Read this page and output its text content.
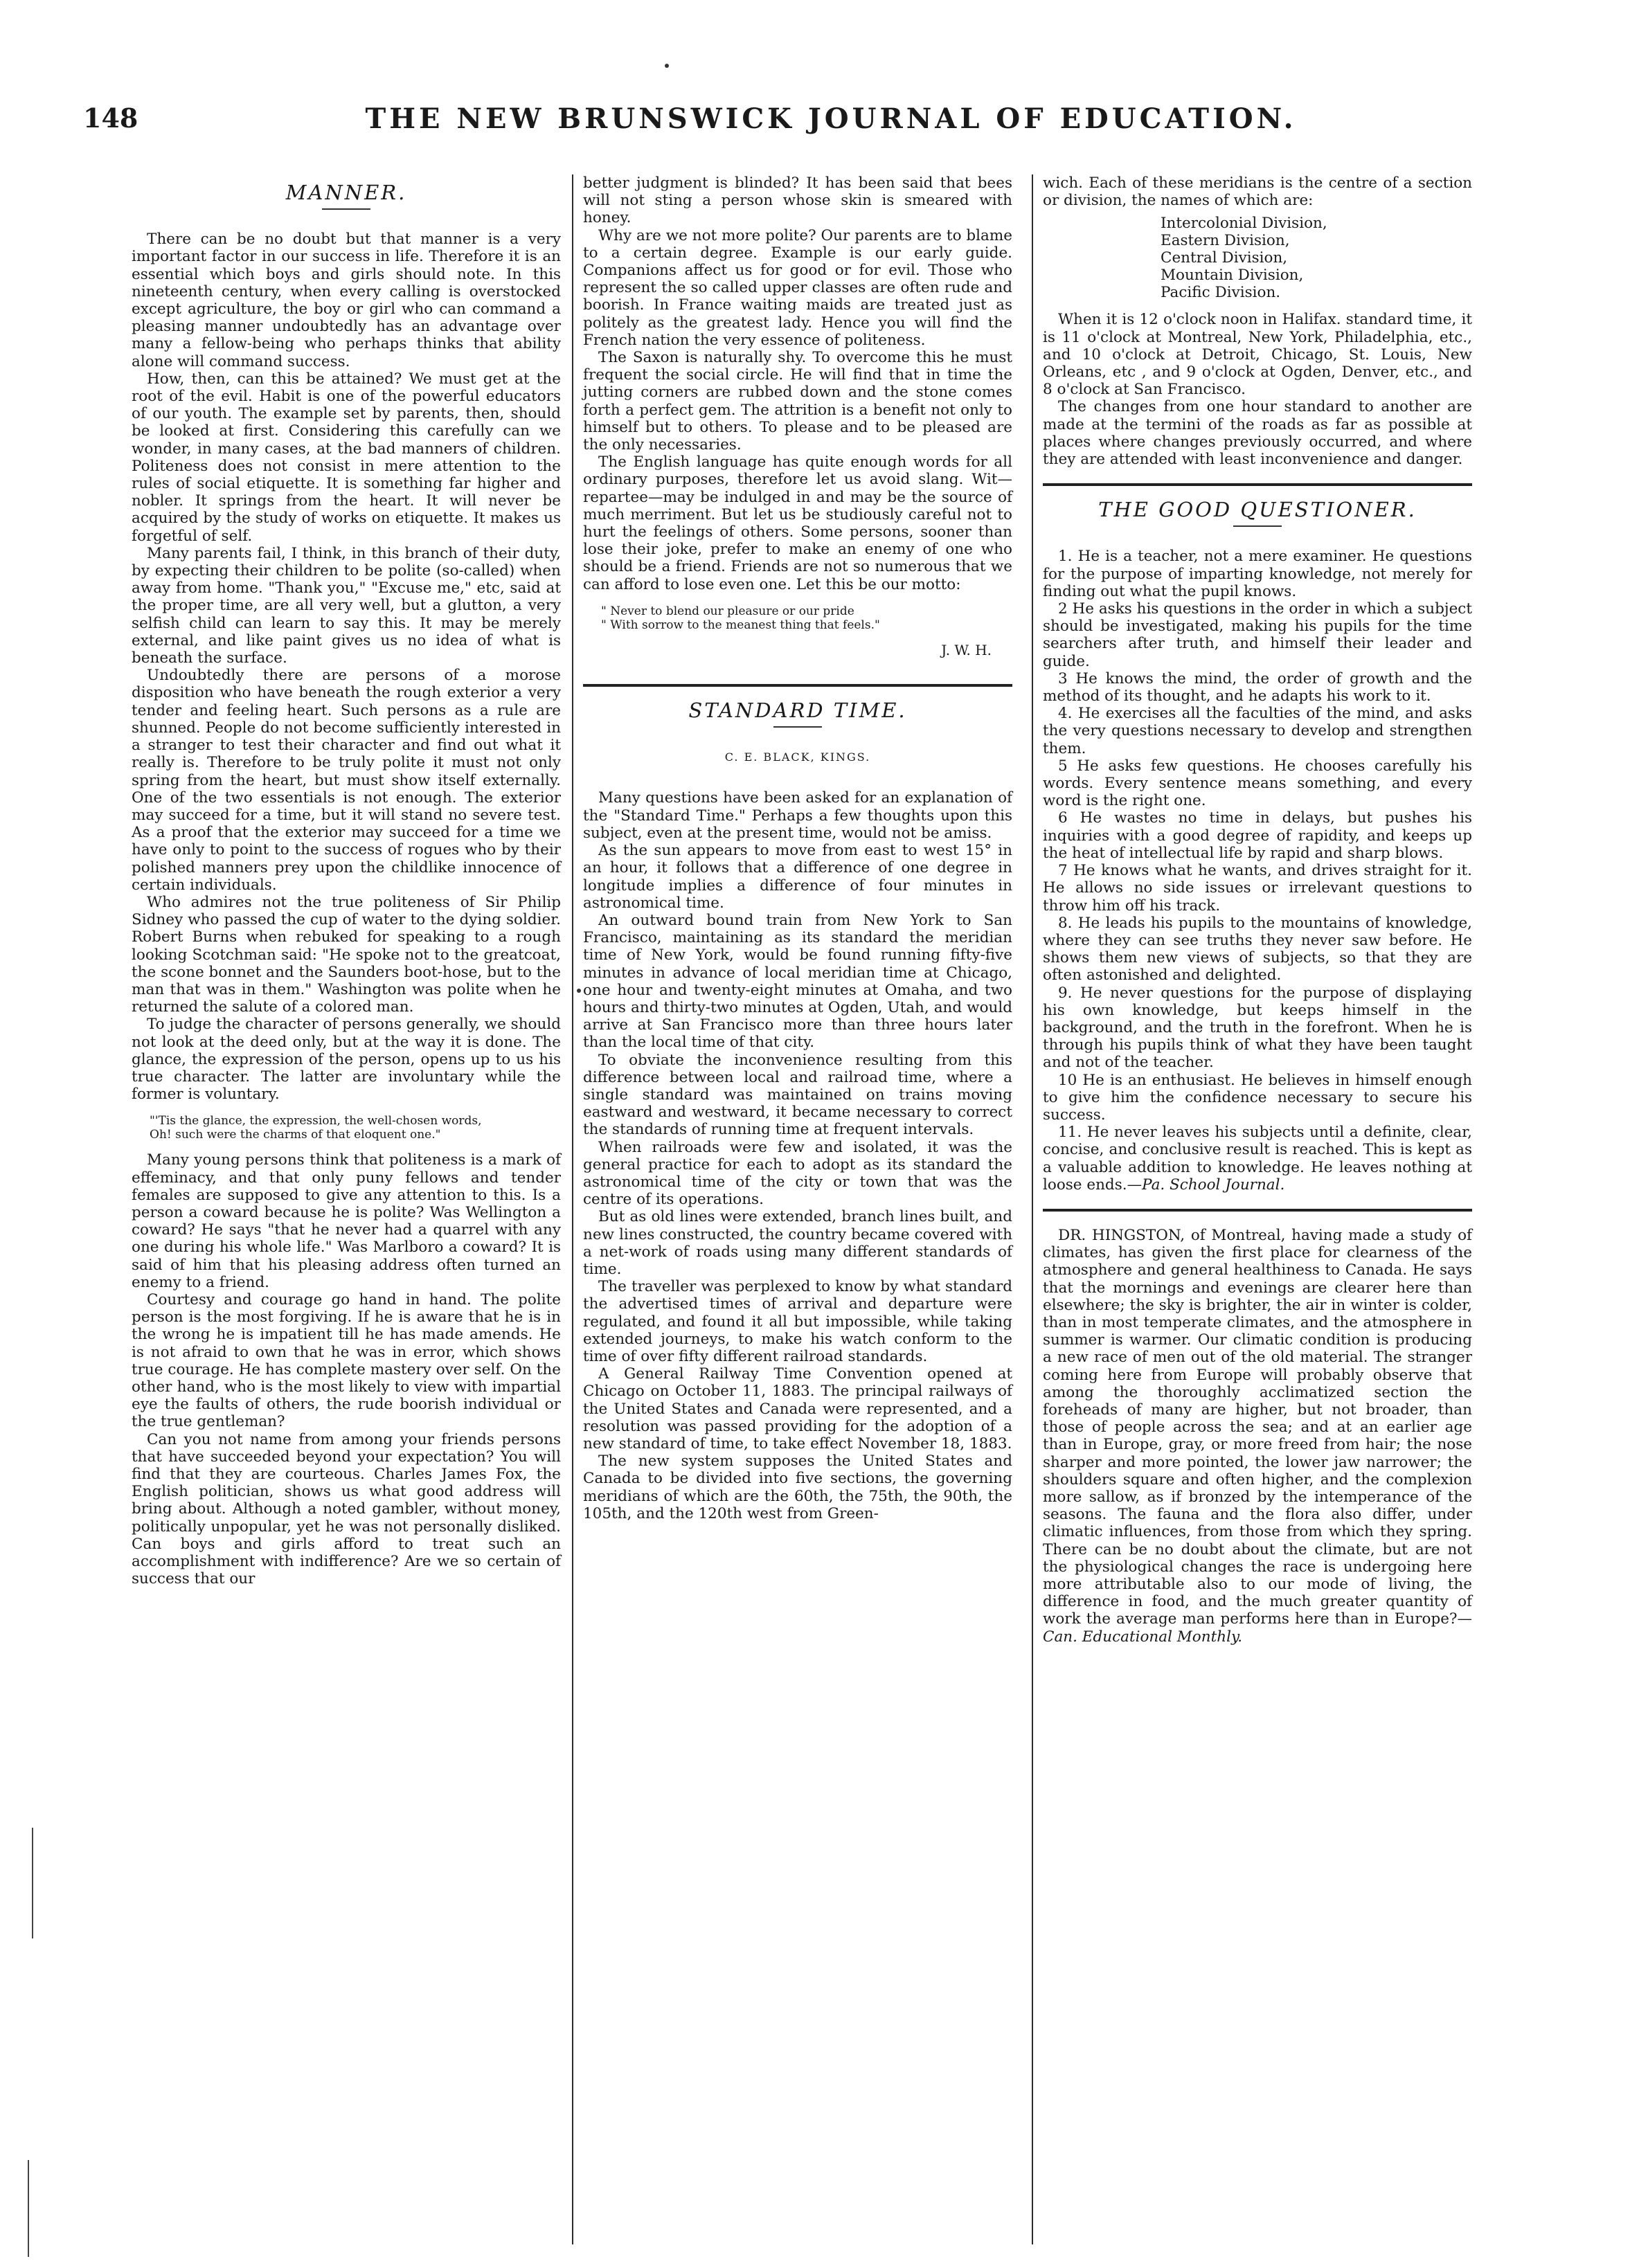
148	THE NEW BRUNSWICK JOURNAL OF EDUCATION.
MANNER.

There can be no doubt but that manner is a very important factor in our success in life. Therefore it is an essential which boys and girls should note. In this nineteenth century, when every calling is overstocked except agriculture, the boy or girl who can command a pleasing manner undoubtedly has an advantage over many a fellow-being who perhaps thinks that ability alone will command success.

How, then, can this be attained? We must get at the root of the evil. Habit is one of the powerful educators of our youth. The example set by parents, then, should be looked at first. Considering this carefully can we wonder, in many cases, at the bad manners of children. Politeness does not consist in mere attention to the rules of social etiquette. It is something far higher and nobler. It springs from the heart. It will never be acquired by the study of works on etiquette. It makes us forgetful of self.

Many parents fail, I think, in this branch of their duty, by expecting their children to be polite (so-called) when away from home. "Thank you," "Excuse me," etc, said at the proper time, are all very well, but a glutton, a very selfish child can learn to say this. It may be merely external, and like paint gives us no idea of what is beneath the surface.

Undoubtedly there are persons of a morose disposition who have beneath the rough exterior a very tender and feeling heart. Such persons as a rule are shunned. People do not become sufficiently interested in a stranger to test their character and find out what it really is. Therefore to be truly polite it must not only spring from the heart, but must show itself externally. One of the two essentials is not enough. The exterior may succeed for a time, but it will stand no severe test. As a proof that the exterior may succeed for a time we have only to point to the success of rogues who by their polished manners prey upon the childlike innocence of certain individuals.

Who admires not the true politeness of Sir Philip Sidney who passed the cup of water to the dying soldier. Robert Burns when rebuked for speaking to a rough looking Scotchman said: "He spoke not to the greatcoat, the scone bonnet and the Saunders boot-hose, but to the man that was in them." Washington was polite when he returned the salute of a colored man.

To judge the character of persons generally, we should not look at the deed only, but at the way it is done. The glance, the expression of the person, opens up to us his true character. The latter are involuntary while the former is voluntary.

"'Tis the glance, the expression, the well-chosen words,
Oh! such were the charms of that eloquent one."

Many young persons think that politeness is a mark of effeminacy, and that only puny fellows and tender females are supposed to give any attention to this. Is a person a coward because he is polite? Was Wellington a coward? He says "that he never had a quarrel with any one during his whole life." Was Marlboro a coward? It is said of him that his pleasing address often turned an enemy to a friend.

Courtesy and courage go hand in hand. The polite person is the most forgiving. If he is aware that he is in the wrong he is impatient till he has made amends. He is not afraid to own that he was in error, which shows true courage. He has complete mastery over self. On the other hand, who is the most likely to view with impartial eye the faults of others, the rude boorish individual or the true gentleman?

Can you not name from among your friends persons that have succeeded beyond your expectation? You will find that they are courteous. Charles James Fox, the English politician, shows us what good address will bring about. Although a noted gambler, without money, politically unpopular, yet he was not personally disliked. Can boys and girls afford to treat such an accomplishment with indifference? Are we so certain of success that our

better judgment is blinded? It has been said that bees will not sting a person whose skin is smeared with honey.

Why are we not more polite? Our parents are to blame to a certain degree. Example is our early guide. Companions affect us for good or for evil. Those who represent the so called upper classes are often rude and boorish. In France waiting maids are treated just as politely as the greatest lady. Hence you will find the French nation the very essence of politeness.

The Saxon is naturally shy. To overcome this he must frequent the social circle. He will find that in time the jutting corners are rubbed down and the stone comes forth a perfect gem. The attrition is a benefit not only to himself but to others. To please and to be pleased are the only necessaries.

The English language has quite enough words for all ordinary purposes, therefore let us avoid slang. Wit—repartee—may be indulged in and may be the source of much merriment. But let us be studiously careful not to hurt the feelings of others. Some persons, sooner than lose their joke, prefer to make an enemy of one who should be a friend. Friends are not so numerous that we can afford to lose even one. Let this be our motto:

" Never to blend our pleasure or our pride
" With sorrow to the meanest thing that feels."
J. W. H.
STANDARD TIME.
C. E. BLACK, KINGS.

Many questions have been asked for an explanation of the "Standard Time." Perhaps a few thoughts upon this subject, even at the present time, would not be amiss.

As the sun appears to move from east to west 15° in an hour, it follows that a difference of one degree in longitude implies a difference of four minutes in astronomical time.

An outward bound train from New York to San Francisco, maintaining as its standard the meridian time of New York, would be found running fifty-five minutes in advance of local meridian time at Chicago, one hour and twenty-eight minutes at Omaha, and two hours and thirty-two minutes at Ogden, Utah, and would arrive at San Francisco more than three hours later than the local time of that city.

To obviate the inconvenience resulting from this difference between local and railroad time, where a single standard was maintained on trains moving eastward and westward, it became necessary to correct the standards of running time at frequent intervals.

When railroads were few and isolated, it was the general practice for each to adopt as its standard the astronomical time of the city or town that was the centre of its operations.

But as old lines were extended, branch lines built, and new lines constructed, the country became covered with a net-work of roads using many different standards of time.

The traveller was perplexed to know by what standard the advertised times of arrival and departure were regulated, and found it all but impossible, while taking extended journeys, to make his watch conform to the time of over fifty different railroad standards.

A General Railway Time Convention opened at Chicago on October 11, 1883. The principal railways of the United States and Canada were represented, and a resolution was passed providing for the adoption of a new standard of time, to take effect November 18, 1883.

The new system supposes the United States and Canada to be divided into five sections, the governing meridians of which are the 60th, the 75th, the 90th, the 105th, and the 120th west from Green-

wich. Each of these meridians is the centre of a section or division, the names of which are:

Intercolonial Division,
Eastern Division,
Central Division,
Mountain Division,
Pacific Division.

When it is 12 o'clock noon in Halifax. standard time, it is 11 o'clock at Montreal, New York, Philadelphia, etc., and 10 o'clock at Detroit, Chicago, St. Louis, New Orleans, etc , and 9 o'clock at Ogden, Denver, etc., and 8 o'clock at San Francisco.

The changes from one hour standard to another are made at the termini of the roads as far as possible at places where changes previously occurred, and where they are attended with least inconvenience and danger.

THE GOOD QUESTIONER.

1. He is a teacher, not a mere examiner. He questions for the purpose of imparting knowledge, not merely for finding out what the pupil knows.

2 He asks his questions in the order in which a subject should be investigated, making his pupils for the time searchers after truth, and himself their leader and guide.

3 He knows the mind, the order of growth and the method of its thought, and he adapts his work to it.

4. He exercises all the faculties of the mind, and asks the very questions necessary to develop and strengthen them.

5 He asks few questions. He chooses carefully his words. Every sentence means something, and every word is the right one.

6 He wastes no time in delays, but pushes his inquiries with a good degree of rapidity, and keeps up the heat of intellectual life by rapid and sharp blows.

7 He knows what he wants, and drives straight for it. He allows no side issues or irrelevant questions to throw him off his track.

8. He leads his pupils to the mountains of knowledge, where they can see truths they never saw before. He shows them new views of subjects, so that they are often astonished and delighted.

9. He never questions for the purpose of displaying his own knowledge, but keeps himself in the background, and the truth in the forefront. When he is through his pupils think of what they have been taught and not of the teacher.

10 He is an enthusiast. He believes in himself enough to give him the confidence necessary to secure his success.

11. He never leaves his subjects until a definite, clear, concise, and conclusive result is reached. This is kept as a valuable addition to knowledge. He leaves nothing at loose ends.—Pa. School Journal.

DR. HINGSTON, of Montreal, having made a study of climates, has given the first place for clearness of the atmosphere and general healthiness to Canada. He says that the mornings and evenings are clearer here than elsewhere; the sky is brighter, the air in winter is colder, than in most temperate climates, and the atmosphere in summer is warmer. Our climatic condition is producing a new race of men out of the old material. The stranger coming here from Europe will probably observe that among the thoroughly acclimatized section the foreheads of many are higher, but not broader, than those of people across the sea; and at an earlier age than in Europe, gray, or more freed from hair; the nose sharper and more pointed, the lower jaw narrower; the shoulders square and often higher, and the complexion more sallow, as if bronzed by the intemperance of the seasons. The fauna and the flora also differ, under climatic influences, from those from which they spring. There can be no doubt about the climate, but are not the physiological changes the race is undergoing here more attributable also to our mode of living, the difference in food, and the much greater quantity of work the average man performs here than in Europe?—Can. Educational Monthly.
